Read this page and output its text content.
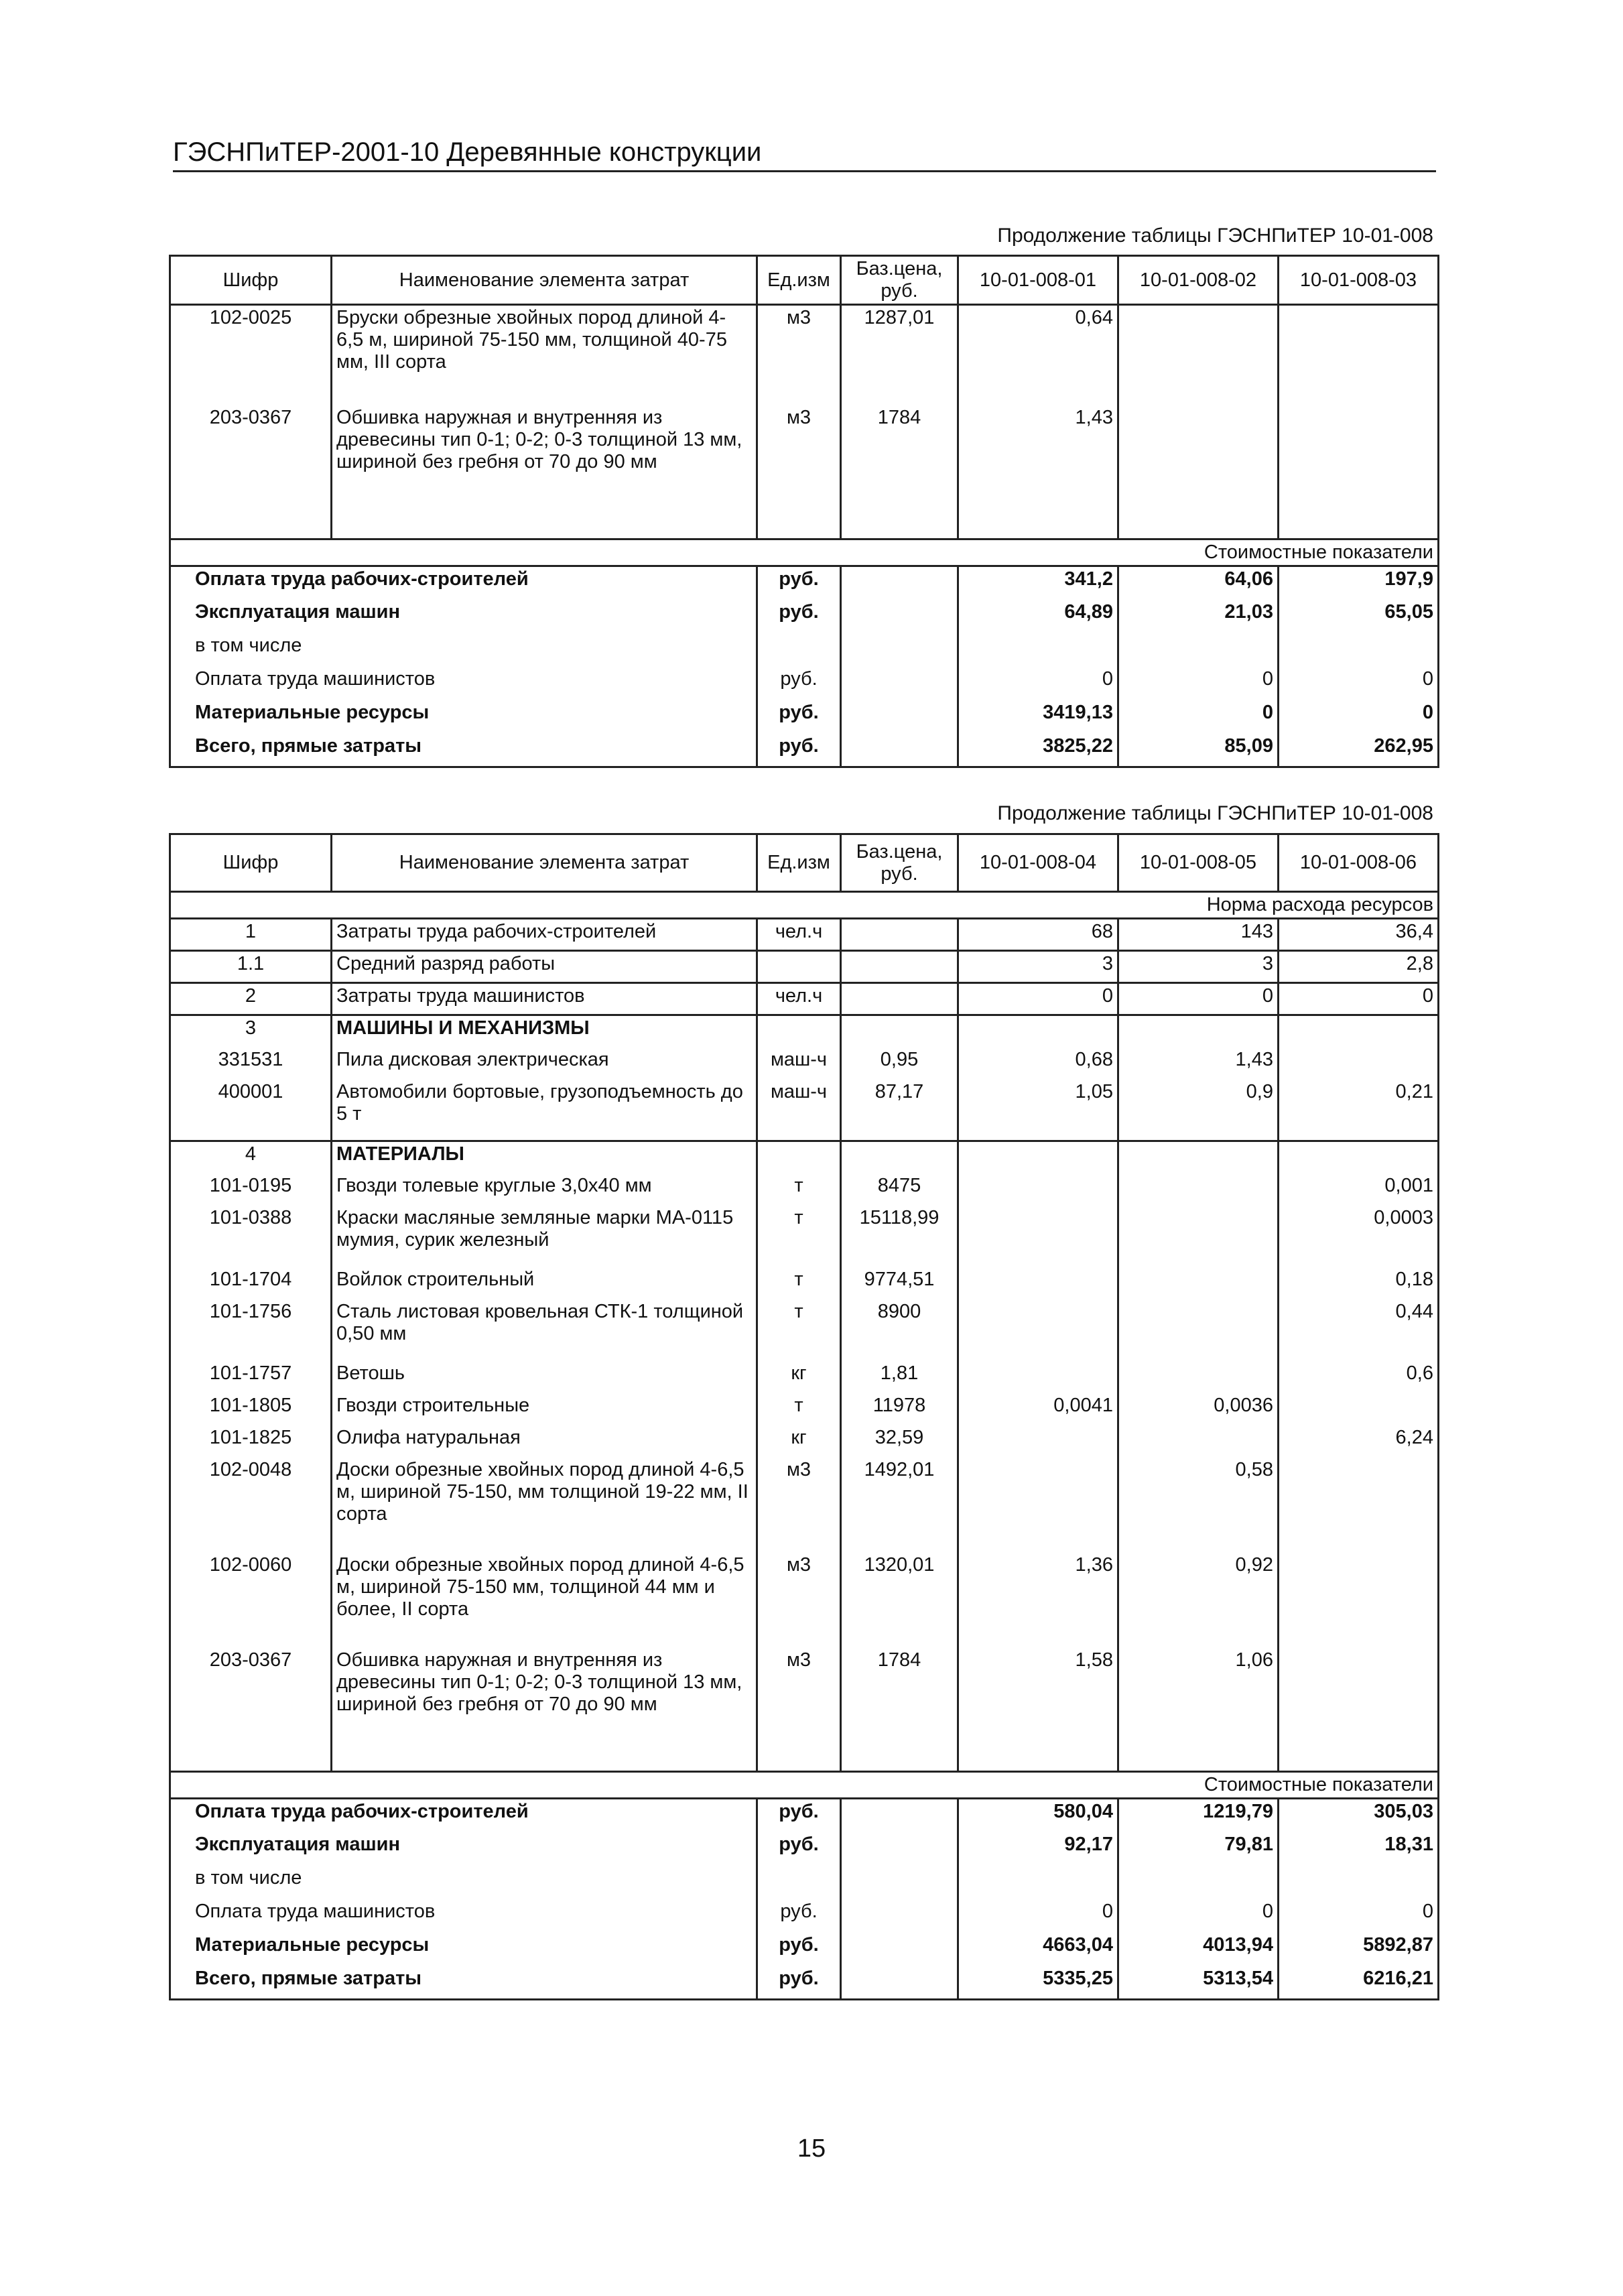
ГЭСНПиТЕР-2001-10 Деревянные конструкции
Продолжение таблицы ГЭСНПиТЕР 10-01-008
Шифр	Наименование элемента затрат	Ед.изм	Баз.цена, руб.	10-01-008-01	10-01-008-02	10-01-008-03
102-0025	Бруски обрезные хвойных пород длиной 4-6,5 м, шириной 75-150 мм, толщиной 40-75 мм, III сорта	м3	1287,01	0,64		
203-0367	Обшивка наружная и внутренняя из древесины тип 0-1; 0-2; 0-3 толщиной 13 мм, шириной без гребня от 70 до 90 мм	м3	1784	1,43		

Стоимостные показатели						
Оплата труда рабочих-строителей		руб.		341,2	64,06	197,9
Эксплуатация машин		руб.		64,89	21,03	65,05
в том числе						
Оплата труда машинистов		руб.		0	0	0
Материальные ресурсы		руб.		3419,13	0	0
Всего, прямые затраты		руб.		3825,22	85,09	262,95
Продолжение таблицы ГЭСНПиТЕР 10-01-008
Шифр	Наименование элемента затрат	Ед.изм	Баз.цена, руб.	10-01-008-04	10-01-008-05	10-01-008-06
Норма расхода ресурсов						
1	Затраты труда рабочих-строителей	чел.ч		68	143	36,4
1.1	Средний разряд работы			3	3	2,8
2	Затраты труда машинистов	чел.ч		0	0	0
3	МАШИНЫ И МЕХАНИЗМЫ					
331531	Пила дисковая электрическая	маш-ч	0,95	0,68	1,43	
400001	Автомобили бортовые, грузоподъемность до 5 т	маш-ч	87,17	1,05	0,9	0,21
4	МАТЕРИАЛЫ					
101-0195	Гвозди толевые круглые 3,0х40 мм	т	8475			0,001
101-0388	Краски масляные земляные марки МА-0115 мумия, сурик железный	т	15118,99			0,0003
101-1704	Войлок строительный	т	9774,51			0,18
101-1756	Сталь листовая кровельная СТК-1 толщиной 0,50 мм	т	8900			0,44
101-1757	Ветошь	кг	1,81			0,6
101-1805	Гвозди строительные	т	11978	0,0041	0,0036	
101-1825	Олифа натуральная	кг	32,59			6,24
102-0048	Доски обрезные хвойных пород длиной 4-6,5 м, шириной 75-150, мм толщиной 19-22 мм, II сорта	м3	1492,01		0,58	
102-0060	Доски обрезные хвойных пород длиной 4-6,5 м, шириной 75-150 мм, толщиной 44 мм и более, II сорта	м3	1320,01	1,36	0,92	
203-0367	Обшивка наружная и внутренняя из древесины тип 0-1; 0-2; 0-3 толщиной 13 мм, шириной без гребня от 70 до 90 мм	м3	1784	1,58	1,06	

Стоимостные показатели						
Оплата труда рабочих-строителей		руб.		580,04	1219,79	305,03
Эксплуатация машин		руб.		92,17	79,81	18,31
в том числе						
Оплата труда машинистов		руб.		0	0	0
Материальные ресурсы		руб.		4663,04	4013,94	5892,87
Всего, прямые затраты		руб.		5335,25	5313,54	6216,21
15
